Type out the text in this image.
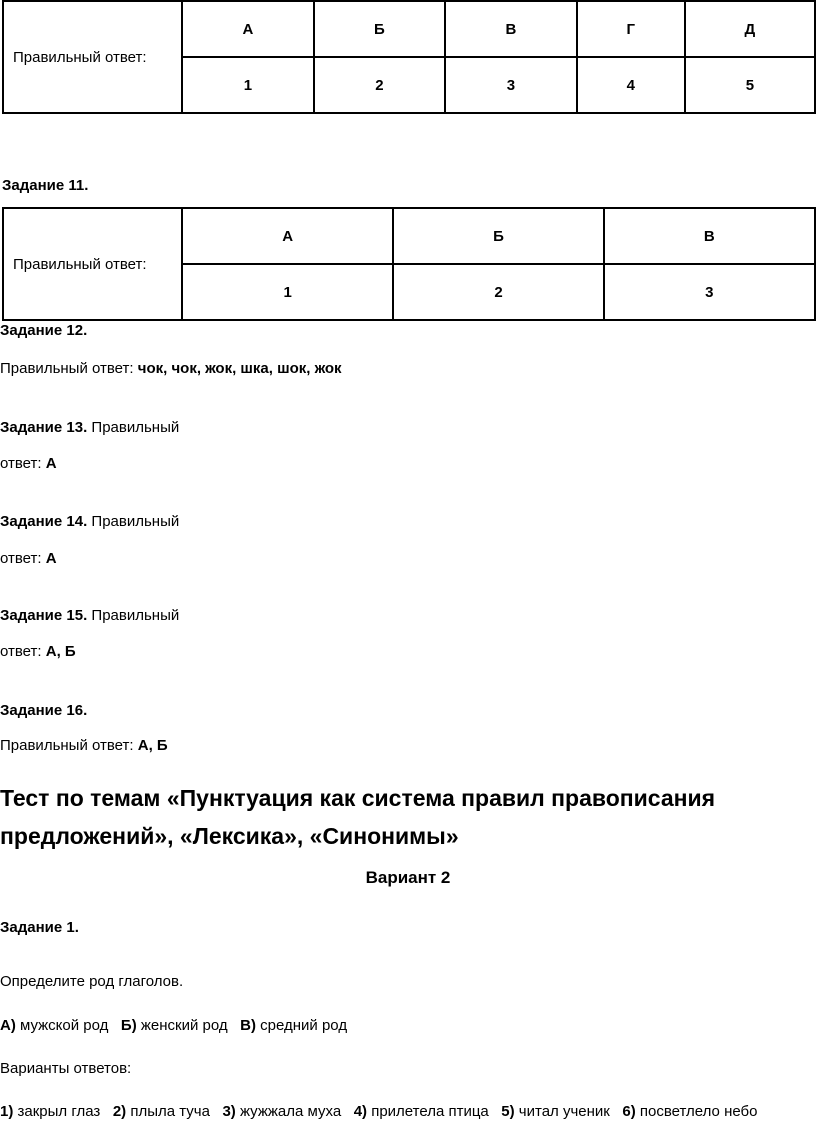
Правильный ответ:	А	Б	В	Г	Д
	1	2	3	4	5
Задание 11.
Правильный ответ:	А	Б	В
	1	2	3
Задание 12.
Правильный ответ: чок, чок, жок, шка, шок, жок
Задание 13. Правильный
ответ: А
Задание 14. Правильный
ответ: А
Задание 15. Правильный
ответ: А, Б
Задание 16.
Правильный ответ: А, Б
Тест по темам «Пунктуация как система правил правописания предложений», «Лексика», «Синонимы»
Вариант 2
Задание 1.
Определите род глаголов.
А) мужской род Б) женский род В) средний род
Варианты ответов:
1) закрыл глаз 2) плыла туча 3) жужжала муха 4) прилетела птица 5) читал ученик 6) посветлело небо
